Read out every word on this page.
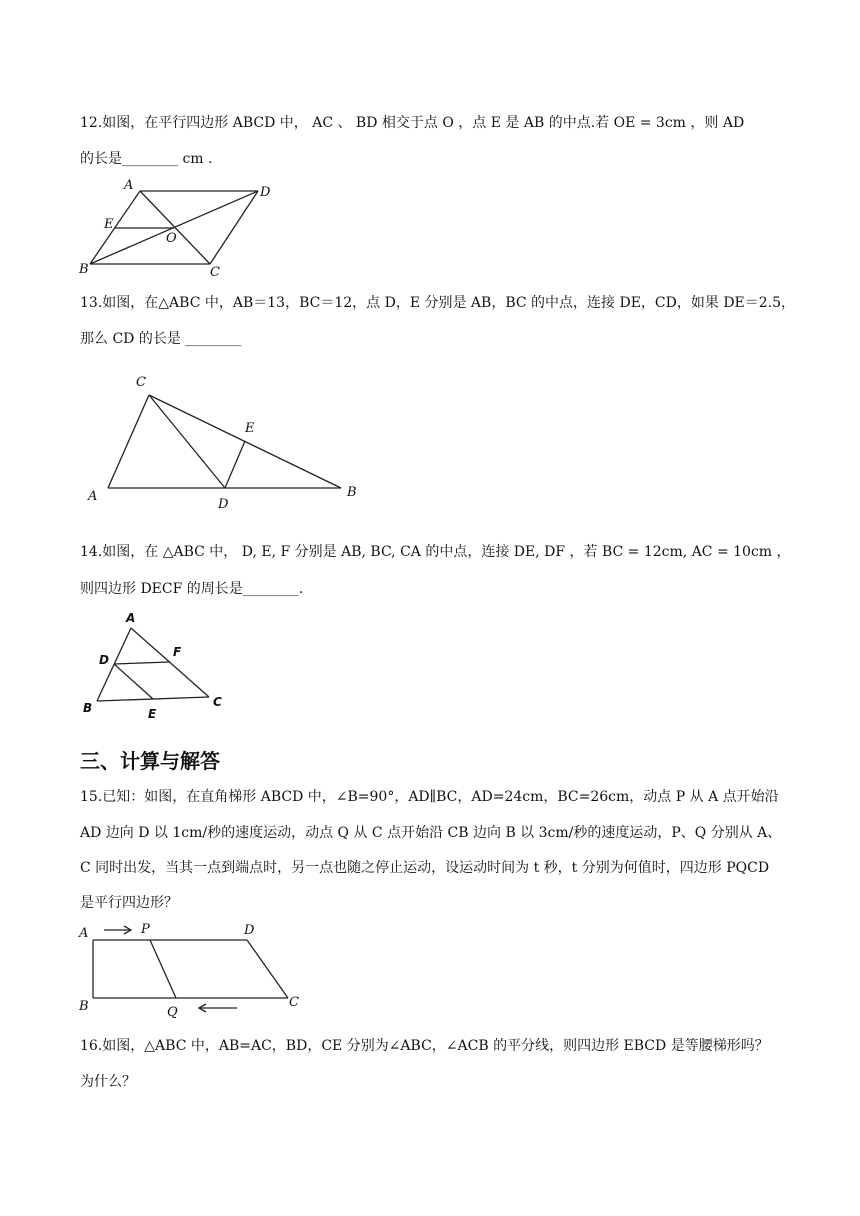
12.如图，在平行四边形 ABCD 中， AC 、 BD 相交于点 O ，点 E 是 AB 的中点.若 OE = 3cm ，则 AD
的长是________ cm .
A	D
E
O
B	C
C
E
A
D
B
A
D
F
B	E
C
A	P	D
B	Q
C
13.如图，在△ABC 中，AB＝13，BC＝12，点 D，E 分别是 AB，BC 的中点，连接 DE，CD，如果 DE＝2.5，
那么 CD 的长是 ________
14.如图，在 △ABC 中， D, E, F 分别是 AB, BC, CA 的中点，连接 DE, DF ，若 BC = 12cm, AC = 10cm ，
则四边形 DECF 的周长是________.
三、计算与解答
15.已知：如图，在直角梯形 ABCD 中，∠B=90°，AD∥BC，AD=24cm，BC=26cm，动点 P 从 A 点开始沿
AD 边向 D 以 1cm/秒的速度运动，动点 Q 从 C 点开始沿 CB 边向 B 以 3cm/秒的速度运动，P、Q 分别从 A、
C 同时出发，当其一点到端点时，另一点也随之停止运动，设运动时间为 t 秒，t 分别为何值时，四边形 PQCD
是平行四边形？
16.如图，△ABC 中，AB=AC，BD，CE 分别为∠ABC，∠ACB 的平分线，则四边形 EBCD 是等腰梯形吗？
为什么？
